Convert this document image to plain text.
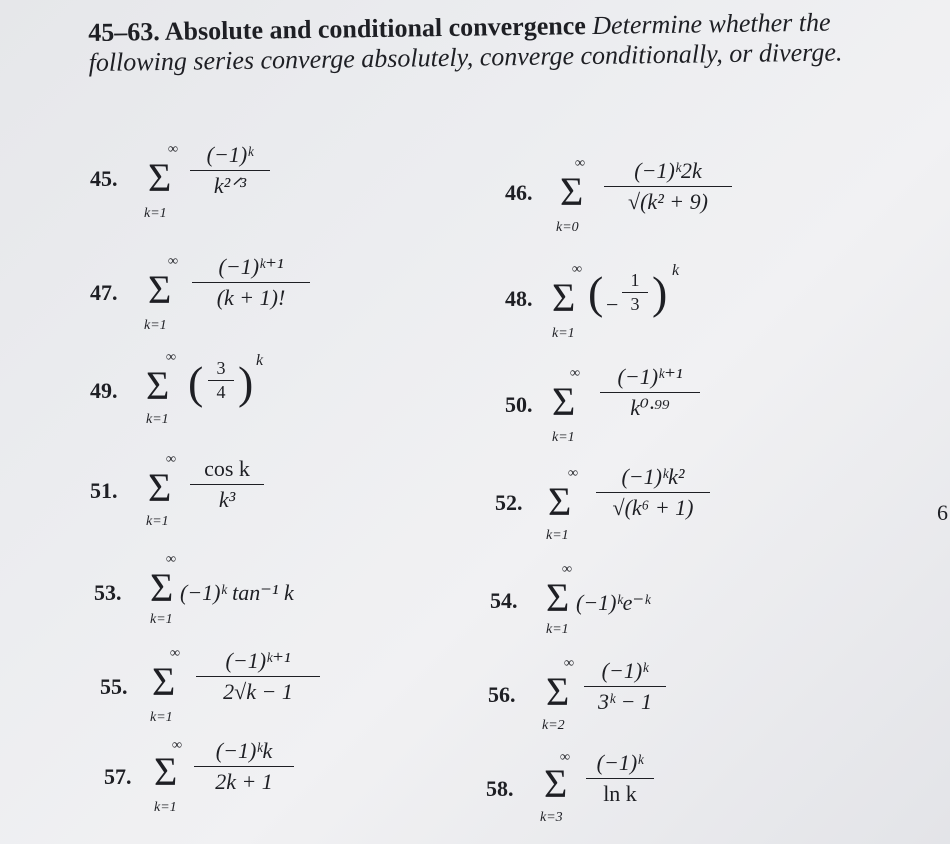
45–63. Absolute and conditional convergence Determine whether the following series converge absolutely, converge conditionally, or diverge.
45.
∞
Σ
k=1
(−1)ᵏ
k²ᐟ³	46.
∞
Σ
k=0
(−1)ᵏ2k
√(k² + 9)
47.
∞
Σ
k=1
(−1)ᵏ⁺¹
(k + 1)!	48.
∞
Σ
k=1
( −
1
3 ) k
49.
∞
Σ
k=1
( 3
4 ) k
50.
∞
Σ
k=1
(−1)ᵏ⁺¹
k⁰·⁹⁹
51.
∞
Σ
k=1
cos k
k³	52.
∞
Σ
k=1
(−1)ᵏk²
√(k⁶ + 1)
53.
∞
Σ
k=1
(−1)ᵏ tan⁻¹ k	54.
∞
Σ
k=1
(−1)ᵏe⁻ᵏ
55.
∞
Σ
k=1
(−1)ᵏ⁺¹
2√k − 1	56.
∞
Σ
k=2
(−1)ᵏ
3ᵏ − 1
57.
∞
Σ
k=1
(−1)ᵏk
2k + 1	58.
∞
Σ
k=3
(−1)ᵏ
ln k
6
